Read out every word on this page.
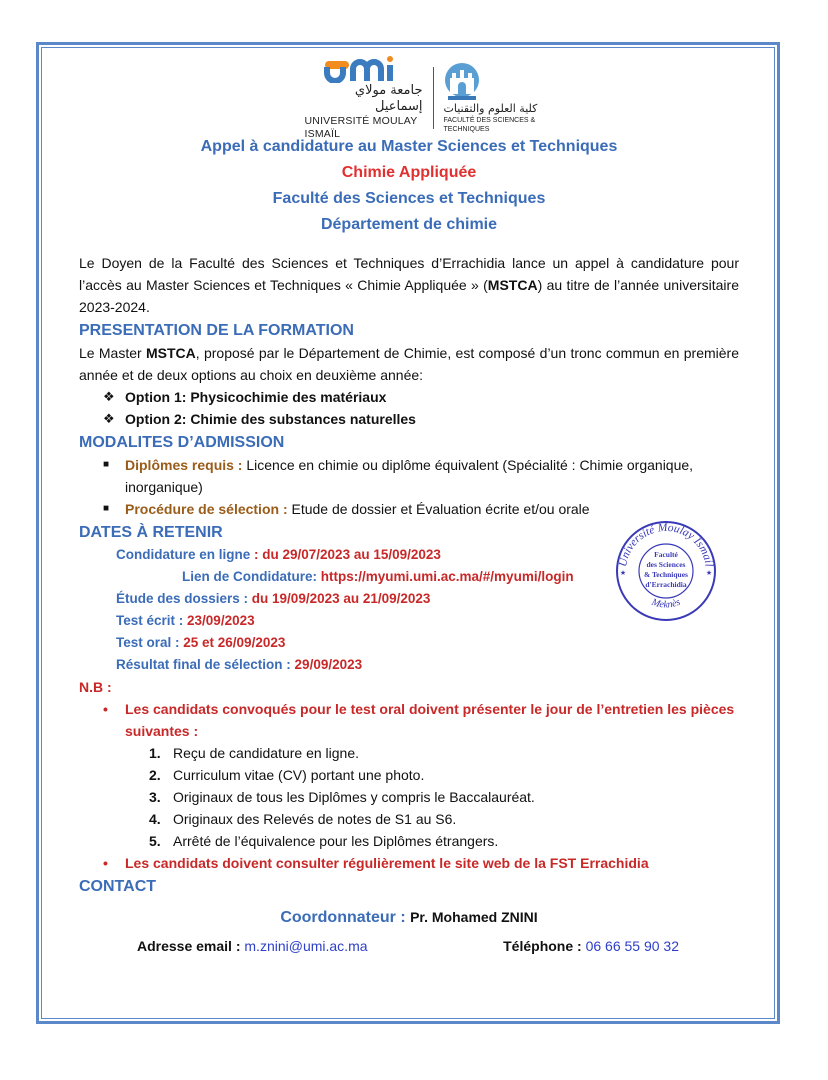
جامعة مولاي إسماعيل
UNIVERSITÉ MOULAY ISMAÏL
كلية العلوم والتقنيات
FACULTÉ DES SCIENCES & TECHNIQUES
Appel à candidature au Master Sciences et Techniques
Chimie Appliquée
Faculté des Sciences et Techniques
Département de chimie
Le Doyen de la Faculté des Sciences et Techniques d’Errachidia lance un appel à candidature pour l’accès au Master Sciences et Techniques « Chimie Appliquée » (MSTCA) au titre de l’année universitaire 2023-2024.
PRESENTATION DE LA FORMATION
Le Master MSTCA, proposé par le Département de Chimie, est composé d’un tronc commun en première année et de deux options au choix en deuxième année:
❖ Option 1: Physicochimie des matériaux
❖ Option 2: Chimie des substances naturelles
MODALITES D’ADMISSION
■	Diplômes requis : Licence en chimie ou diplôme équivalent (Spécialité : Chimie organique, inorganique)
■	Procédure de sélection : Etude de dossier et Évaluation écrite et/ou orale
DATES À RETENIR
Condidature en ligne : du 29/07/2023 au 15/09/2023
Lien de Condidature: https://myumi.umi.ac.ma/#/myumi/login
Étude des dossiers : du 19/09/2023 au 21/09/2023
Test écrit : 23/09/2023
Test oral : 25 et 26/09/2023
Résultat final de sélection : 29/09/2023
N.B :
•	Les candidats convoqués pour le test oral doivent présenter le jour de l’entretien les pièces suivantes :
1. Reçu de candidature en ligne.
2. Curriculum vitae (CV) portant une photo.
3. Originaux de tous les Diplômes y compris le Baccalauréat.
4. Originaux des Relevés de notes de S1 au S6.
5. Arrêté de l’équivalence pour les Diplômes étrangers.
•	Les candidats doivent consulter régulièrement le site web de la FST Errachidia
CONTACT
Coordonnateur : Pr. Mohamed ZNINI
Adresse email : m.znini@umi.ac.ma	Téléphone : 06 66 55 90 32
Université Moulay Ismail
Meknès
Faculté
des Sciences
& Techniques
d'Errachidia
★	★
